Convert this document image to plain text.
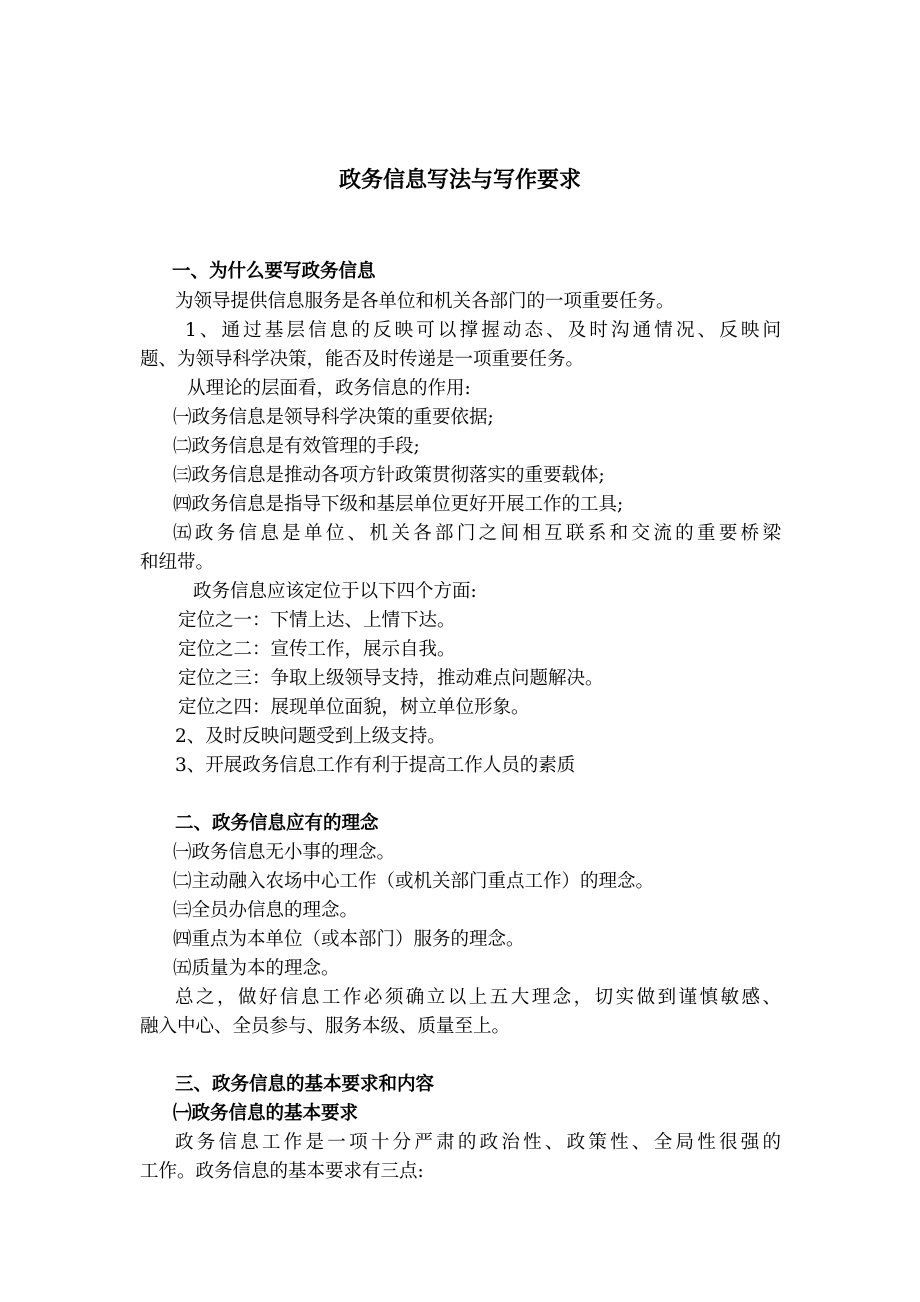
政务信息写法与写作要求
一、为什么要写政务信息
为领导提供信息服务是各单位和机关各部门的一项重要任务。
1、通过基层信息的反映可以撑握动态、及时沟通情况、反映问
题、为领导科学决策，能否及时传递是一项重要任务。
从理论的层面看，政务信息的作用:
㈠政务信息是领导科学决策的重要依据;
㈡政务信息是有效管理的手段;
㈢政务信息是推动各项方针政策贯彻落实的重要载体;
㈣政务信息是指导下级和基层单位更好开展工作的工具;
㈤政务信息是单位、机关各部门之间相互联系和交流的重要桥梁
和纽带。
政务信息应该定位于以下四个方面:
定位之一：下情上达、上情下达。
定位之二：宣传工作，展示自我。
定位之三：争取上级领导支持，推动难点问题解决。
定位之四：展现单位面貌，树立单位形象。
2、及时反映问题受到上级支持。
3、开展政务信息工作有利于提高工作人员的素质
二、政务信息应有的理念
㈠政务信息无小事的理念。
㈡主动融入农场中心工作（或机关部门重点工作）的理念。
㈢全员办信息的理念。
㈣重点为本单位（或本部门）服务的理念。
㈤质量为本的理念。
总之，做好信息工作必须确立以上五大理念，切实做到谨慎敏感、
融入中心、全员参与、服务本级、质量至上。
三、政务信息的基本要求和内容
㈠政务信息的基本要求
政务信息工作是一项十分严肃的政治性、政策性、全局性很强的
工作。政务信息的基本要求有三点:
